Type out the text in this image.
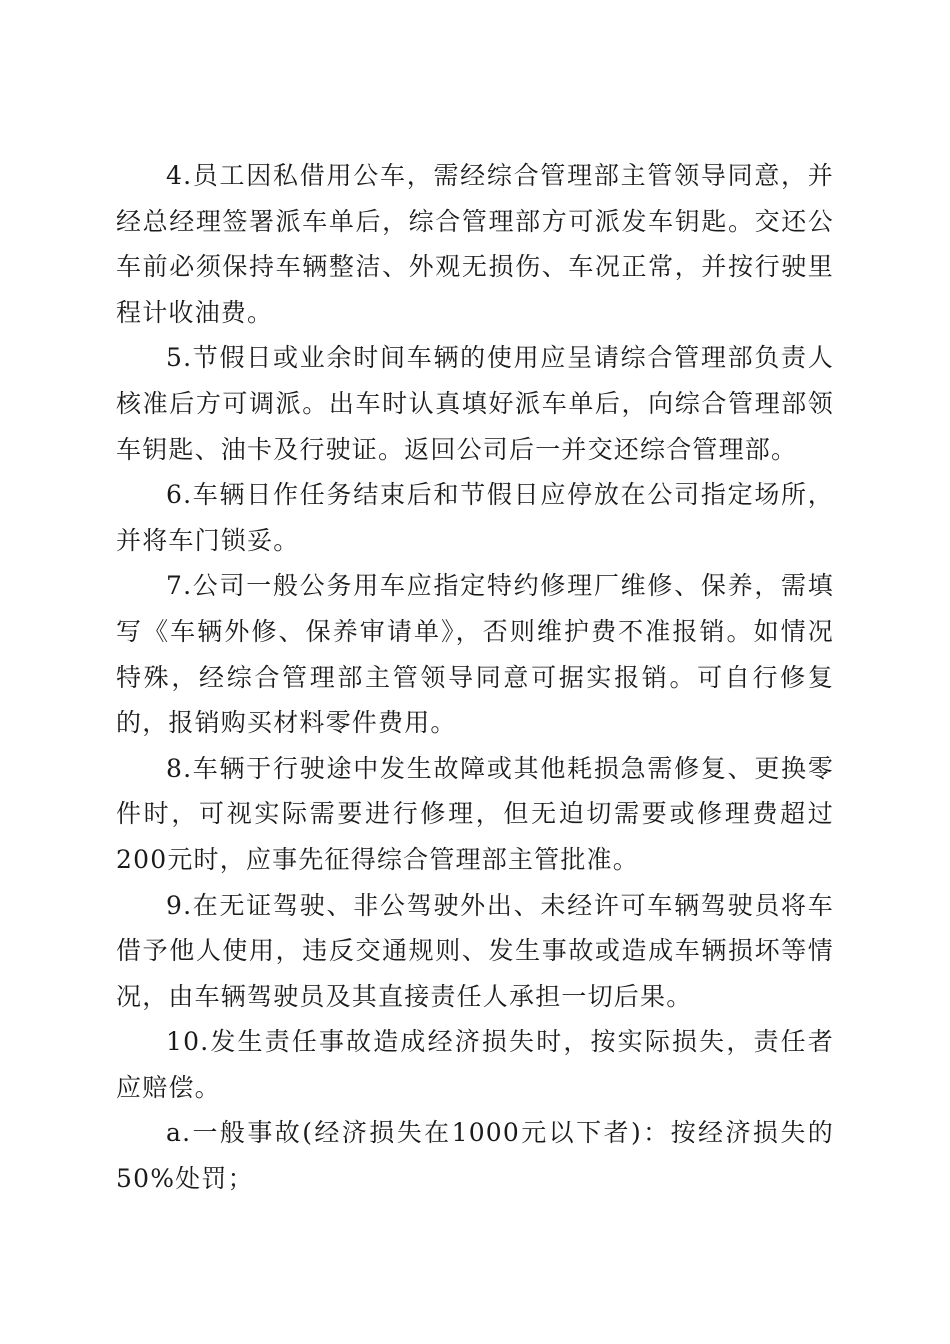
4.员工因私借用公车，需经综合管理部主管领导同意，并经总经理签署派车单后，综合管理部方可派发车钥匙。交还公车前必须保持车辆整洁、外观无损伤、车况正常，并按行驶里程计收油费。

5.节假日或业余时间车辆的使用应呈请综合管理部负责人核准后方可调派。出车时认真填好派车单后，向综合管理部领车钥匙、油卡及行驶证。返回公司后一并交还综合管理部。

6.车辆日作任务结束后和节假日应停放在公司指定场所，并将车门锁妥。

7.公司一般公务用车应指定特约修理厂维修、保养，需填写《车辆外修、保养审请单》，否则维护费不准报销。如情况特殊，经综合管理部主管领导同意可据实报销。可自行修复的，报销购买材料零件费用。

8.车辆于行驶途中发生故障或其他耗损急需修复、更换零件时，可视实际需要进行修理，但无迫切需要或修理费超过200元时，应事先征得综合管理部主管批准。

9.在无证驾驶、非公驾驶外出、未经许可车辆驾驶员将车借予他人使用，违反交通规则、发生事故或造成车辆损坏等情况，由车辆驾驶员及其直接责任人承担一切后果。

10.发生责任事故造成经济损失时，按实际损失，责任者应赔偿。

a.一般事故(经济损失在1000元以下者)：按经济损失的50%处罚；
